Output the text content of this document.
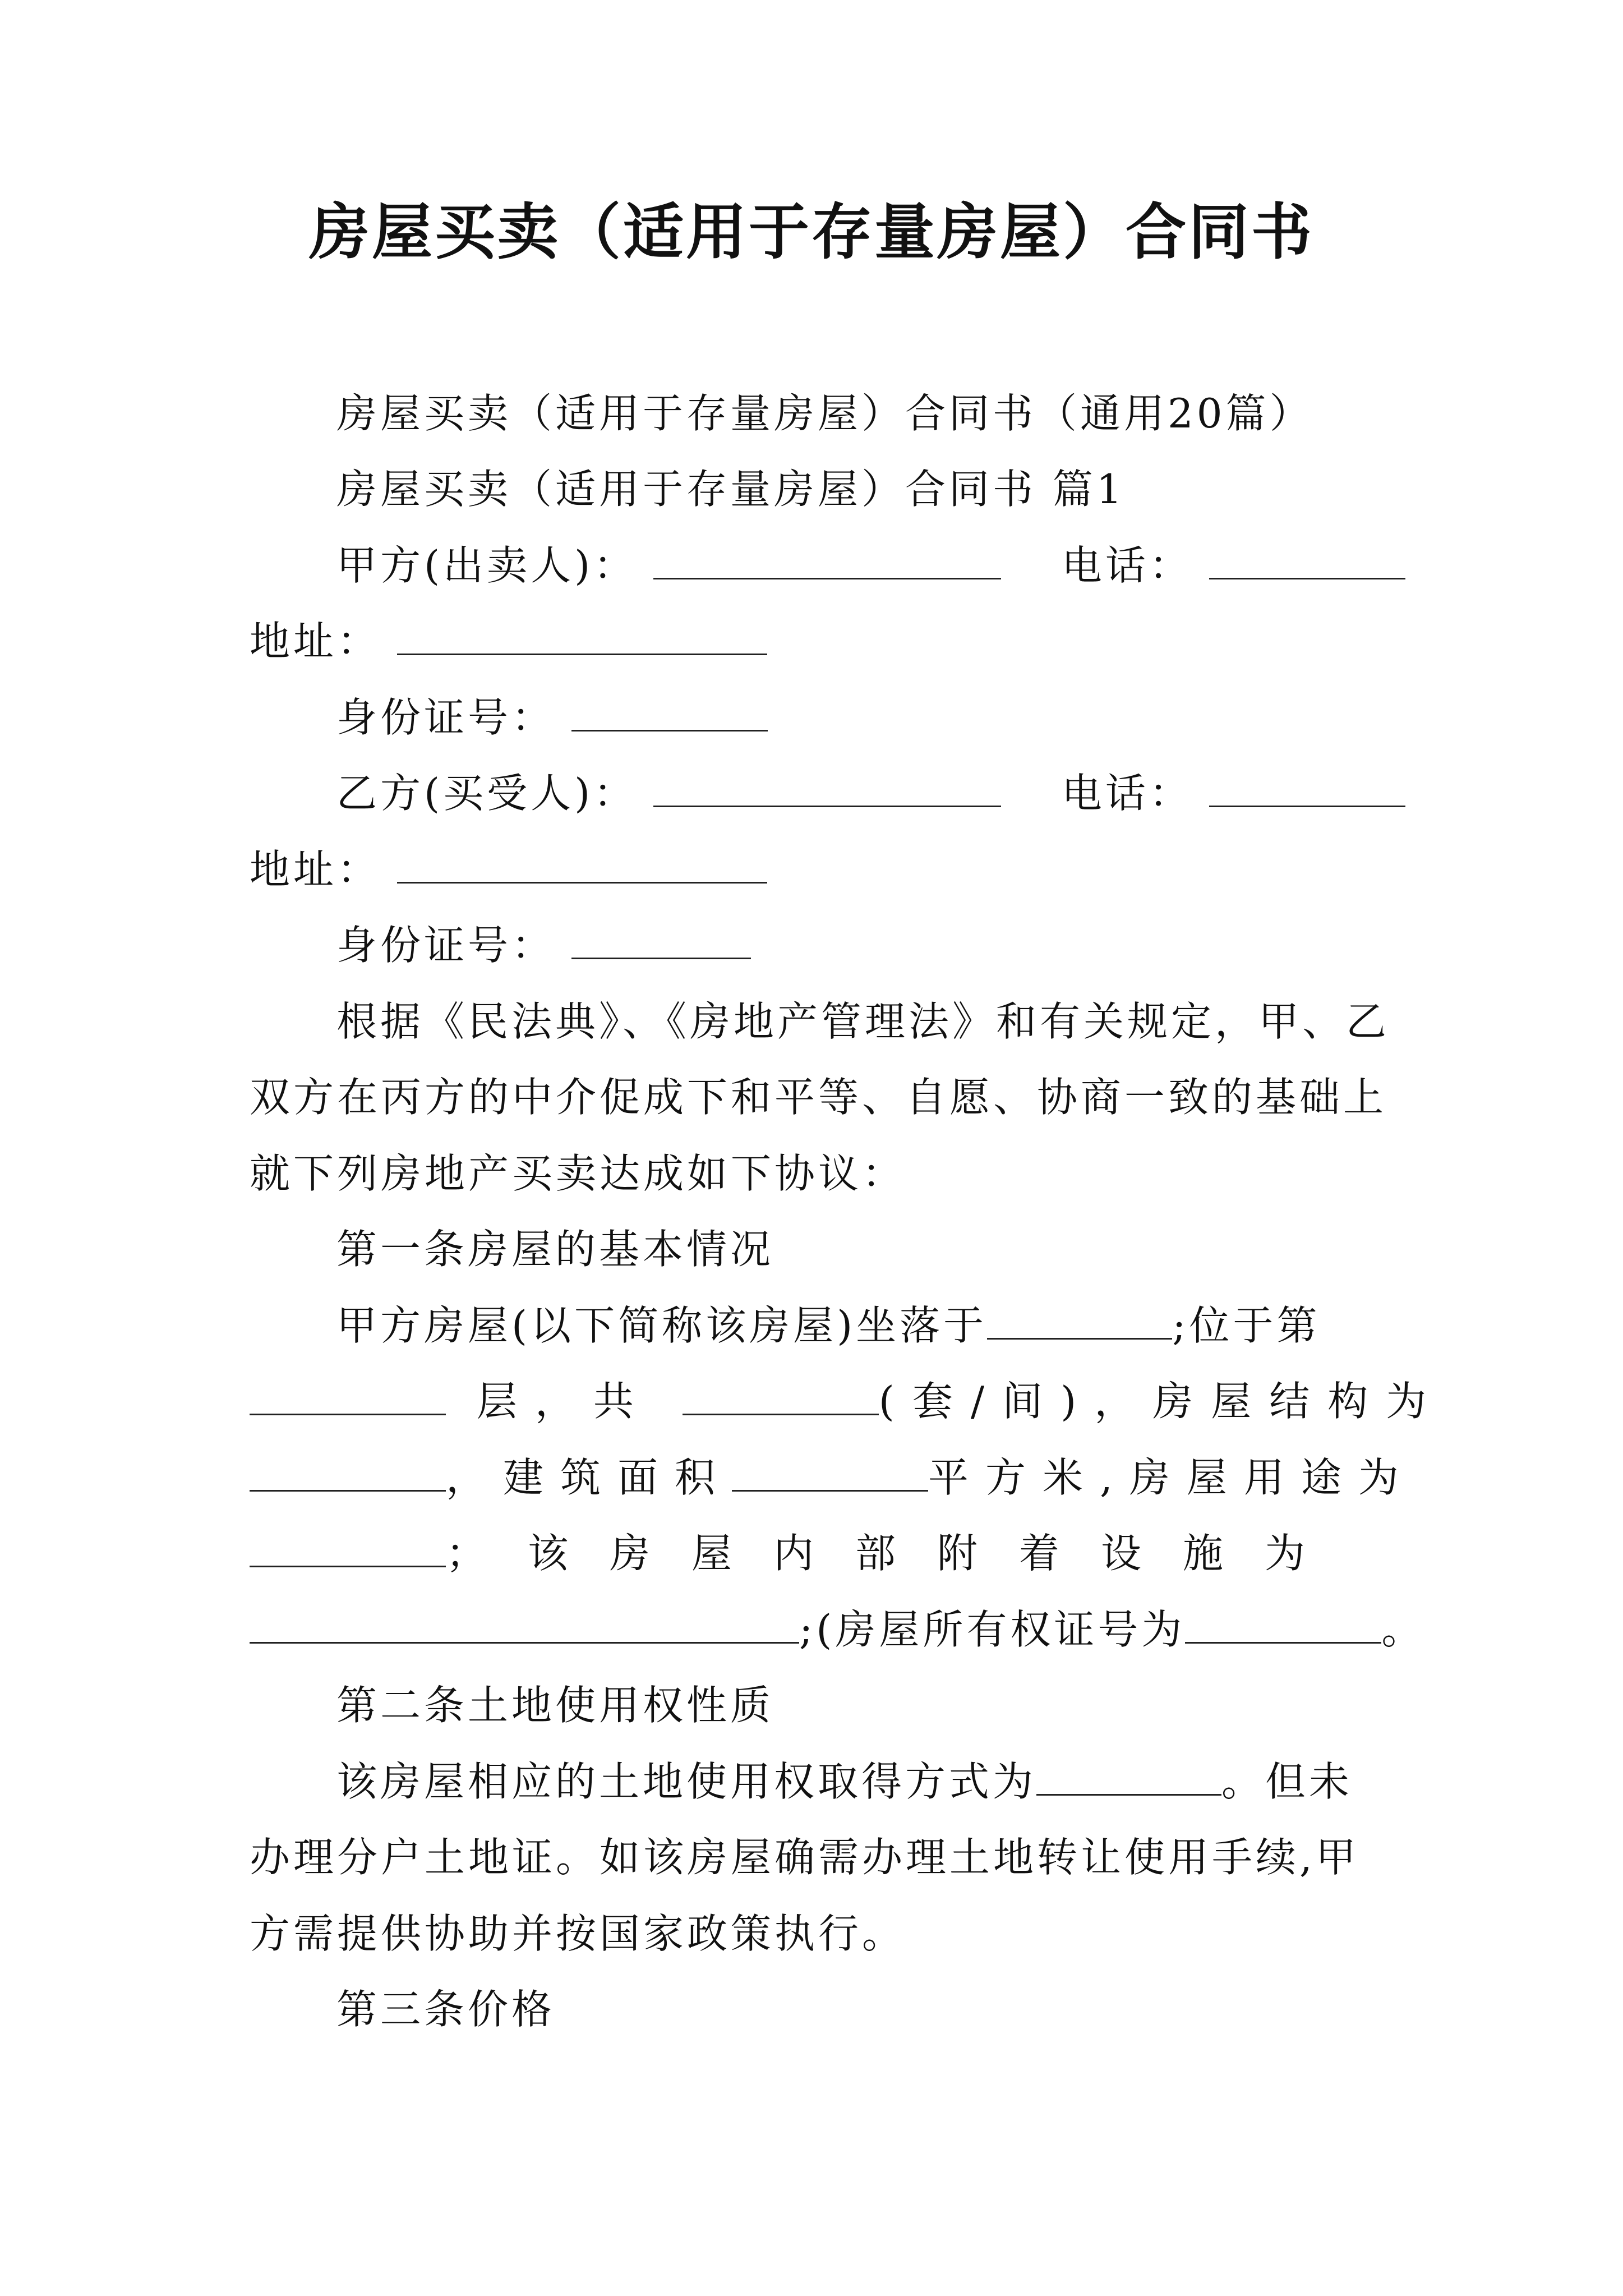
房屋买卖（适用于存量房屋）合同书
房屋买卖（适用于存量房屋）合同书（通用20篇）
房屋买卖（适用于存量房屋）合同书 篇1
甲方(出卖人)：	电话：
地址：
身份证号：
乙方(买受人)：	电话：
地址：
身份证号：
根据《民法典》、《房地产管理法》和有关规定，甲、乙
双方在丙方的中介促成下和平等、自愿、协商一致的基础上
就下列房地产买卖达成如下协议：
第一条房屋的基本情况
甲方房屋(以下简称该房屋)坐落于	;位于第
层，共	(套/间)，房屋结构为
，建筑面积	平方米,房屋用途为
；该房屋内部附着设施为
;(房屋所有权证号为	。
第二条土地使用权性质
该房屋相应的土地使用权取得方式为	。但未
办理分户土地证。如该房屋确需办理土地转让使用手续,甲
方需提供协助并按国家政策执行。
第三条价格
